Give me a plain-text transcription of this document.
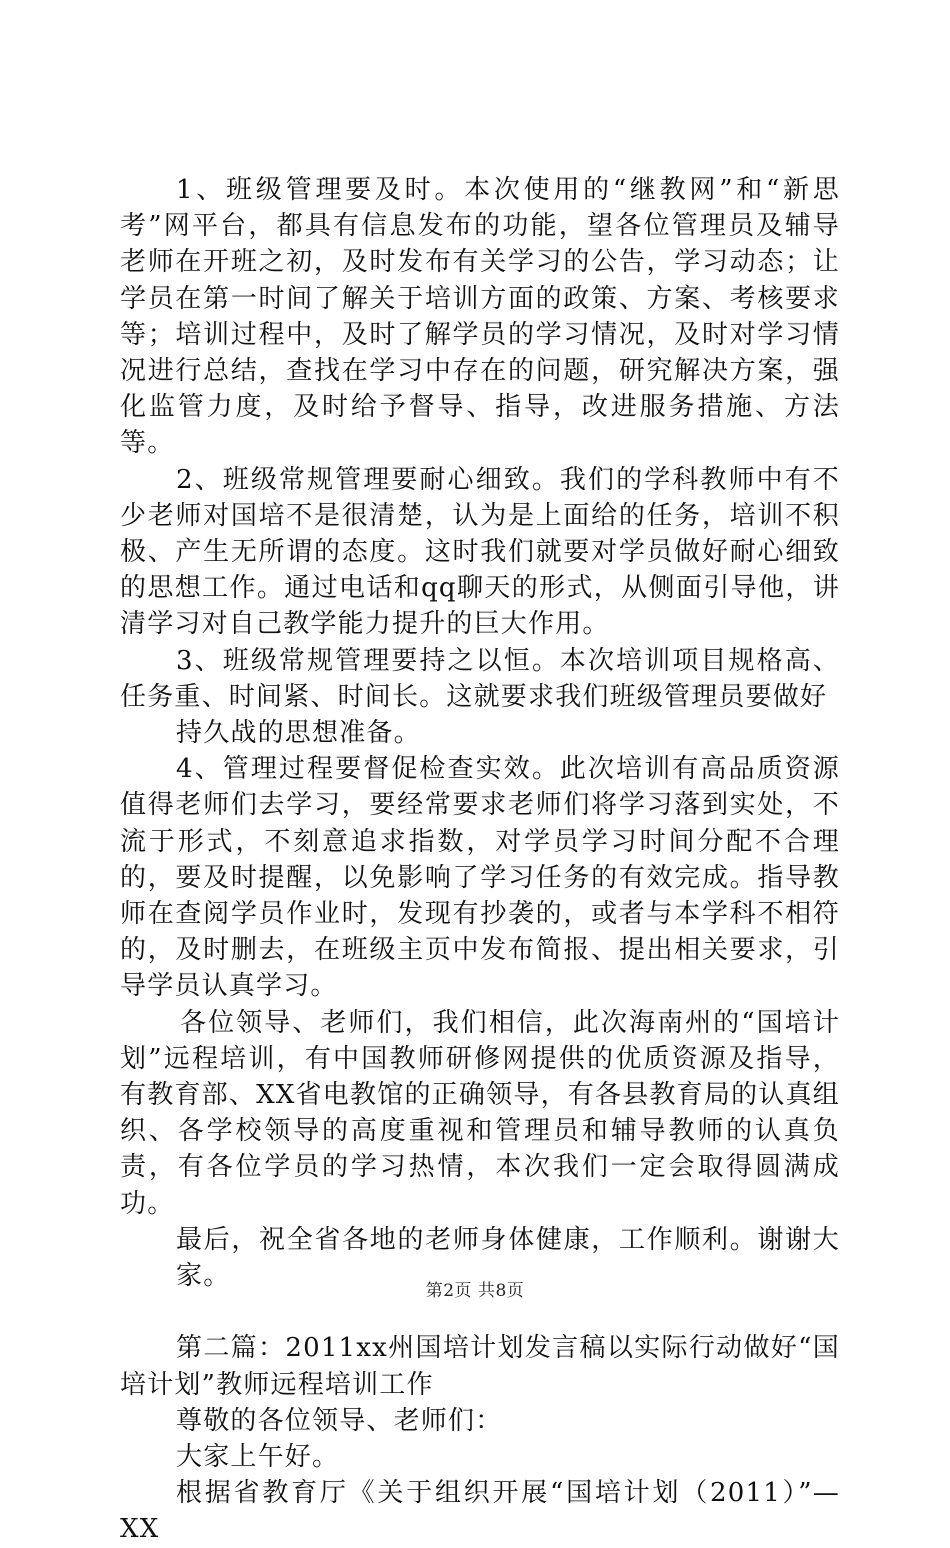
1、班级管理要及时。本次使用的“继教网”和“新思考”网平台，都具有信息发布的功能，望各位管理员及辅导老师在开班之初，及时发布有关学习的公告，学习动态；让学员在第一时间了解关于培训方面的政策、方案、考核要求等；培训过程中，及时了解学员的学习情况，及时对学习情况进行总结，查找在学习中存在的问题，研究解决方案，强化监管力度，及时给予督导、指导，改进服务措施、方法等。

2、班级常规管理要耐心细致。我们的学科教师中有不少老师对国培不是很清楚，认为是上面给的任务，培训不积极、产生无所谓的态度。这时我们就要对学员做好耐心细致的思想工作。通过电话和qq聊天的形式，从侧面引导他，讲清学习对自己教学能力提升的巨大作用。

3、班级常规管理要持之以恒。本次培训项目规格高、任务重、时间紧、时间长。这就要求我们班级管理员要做好

持久战的思想准备。

4、管理过程要督促检查实效。此次培训有高品质资源值得老师们去学习，要经常要求老师们将学习落到实处，不流于形式，不刻意追求指数，对学员学习时间分配不合理的，要及时提醒，以免影响了学习任务的有效完成。指导教师在查阅学员作业时，发现有抄袭的，或者与本学科不相符的，及时删去，在班级主页中发布简报、提出相关要求，引导学员认真学习。

各位领导、老师们，我们相信，此次海南州的“国培计划”远程培训，有中国教师研修网提供的优质资源及指导，有教育部、XX省电教馆的正确领导，有各县教育局的认真组织、各学校领导的高度重视和管理员和辅导教师的认真负责，有各位学员的学习热情，本次我们一定会取得圆满成功。

最后，祝全省各地的老师身体健康，工作顺利。谢谢大家。

第二篇：2011xx州国培计划发言稿以实际行动做好“国培计划”教师远程培训工作

尊敬的各位领导、老师们：

大家上午好。

根据省教育厅《关于组织开展“国培计划（2011）”—XX

第2页 共8页
